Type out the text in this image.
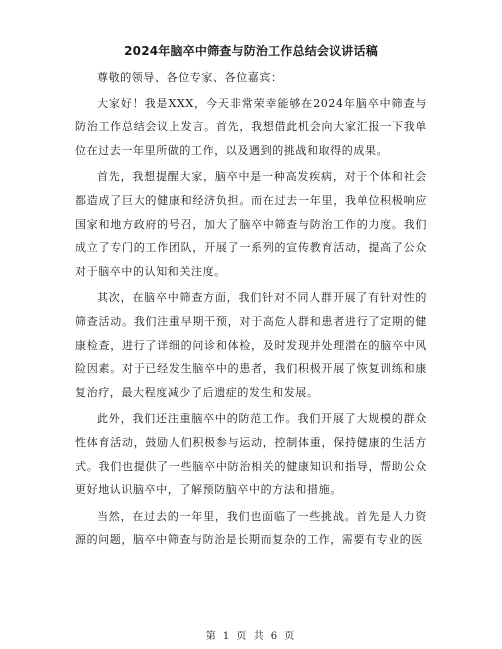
2024年脑卒中筛查与防治工作总结会议讲话稿

尊敬的领导、各位专家、各位嘉宾：

大家好！我是XXX，今天非常荣幸能够在2024年脑卒中筛查与防治工作总结会议上发言。首先，我想借此机会向大家汇报一下我单位在过去一年里所做的工作，以及遇到的挑战和取得的成果。

首先，我想提醒大家，脑卒中是一种高发疾病，对于个体和社会都造成了巨大的健康和经济负担。而在过去一年里，我单位积极响应国家和地方政府的号召，加大了脑卒中筛查与防治工作的力度。我们成立了专门的工作团队，开展了一系列的宣传教育活动，提高了公众对于脑卒中的认知和关注度。

其次，在脑卒中筛查方面，我们针对不同人群开展了有针对性的筛查活动。我们注重早期干预，对于高危人群和患者进行了定期的健康检查，进行了详细的问诊和体检，及时发现并处理潜在的脑卒中风险因素。对于已经发生脑卒中的患者，我们积极开展了恢复训练和康复治疗，最大程度减少了后遗症的发生和发展。

此外，我们还注重脑卒中的防范工作。我们开展了大规模的群众性体育活动，鼓励人们积极参与运动，控制体重，保持健康的生活方式。我们也提供了一些脑卒中防治相关的健康知识和指导，帮助公众更好地认识脑卒中，了解预防脑卒中的方法和措施。

当然，在过去的一年里，我们也面临了一些挑战。首先是人力资源的问题，脑卒中筛查与防治是长期而复杂的工作，需要有专业的医

第 1 页 共 6 页
